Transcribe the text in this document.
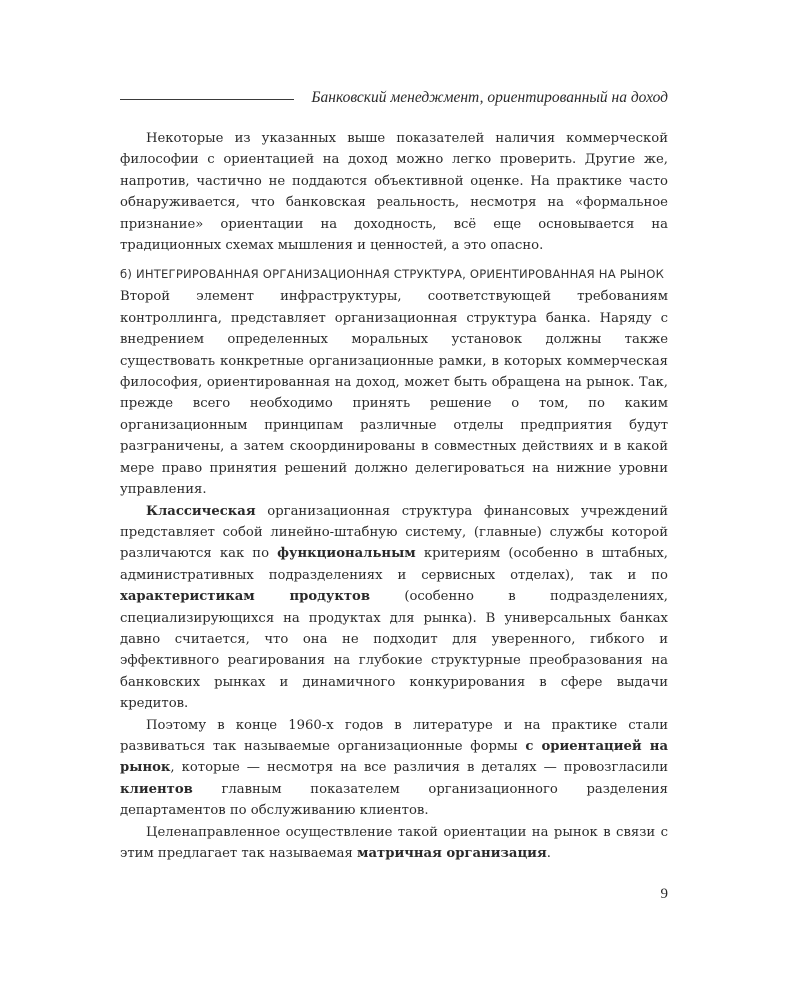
Банковский менеджмент, ориентированный на доход

Некоторые из указанных выше показателей наличия коммерческой философии с ориентацией на доход можно легко проверить. Другие же, напротив, частично не поддаются объективной оценке. На практике часто обнаруживается, что банковская реальность, несмотря на «формальное признание» ориентации на доходность, всё еще основывается на традиционных схемах мышления и ценностей, а это опасно.

б) ИНТЕГРИРОВАННАЯ ОРГАНИЗАЦИОННАЯ СТРУКТУРА, ОРИЕНТИРОВАННАЯ НА РЫНОК

Второй элемент инфраструктуры, соответствующей требованиям контроллинга, представляет организационная структура банка. Наряду с внедрением определенных моральных установок должны также существовать конкретные организационные рамки, в которых коммерческая философия, ориентированная на доход, может быть обращена на рынок. Так, прежде всего необходимо принять решение о том, по каким организационным принципам различные отделы предприятия будут разграничены, а затем скоординированы в совместных действиях и в какой мере право принятия решений должно делегироваться на нижние уровни управления.

Классическая организационная структура финансовых учреждений представляет собой линейно-штабную систему, (главные) службы которой различаются как по функциональным критериям (особенно в штабных, административных подразделениях и сервисных отделах), так и по характеристикам продуктов (особенно в подразделениях, специализирующихся на продуктах для рынка). В универсальных банках давно считается, что она не подходит для уверенного, гибкого и эффективного реагирования на глубокие структурные преобразования на банковских рынках и динамичного конкурирования в сфере выдачи кредитов.

Поэтому в конце 1960-х годов в литературе и на практике стали развиваться так называемые организационные формы с ориентацией на рынок, которые — несмотря на все различия в деталях — провозгласили клиентов главным показателем организационного разделения департаментов по обслуживанию клиентов.

Целенаправленное осуществление такой ориентации на рынок в связи с этим предлагает так называемая матричная организация.

9
